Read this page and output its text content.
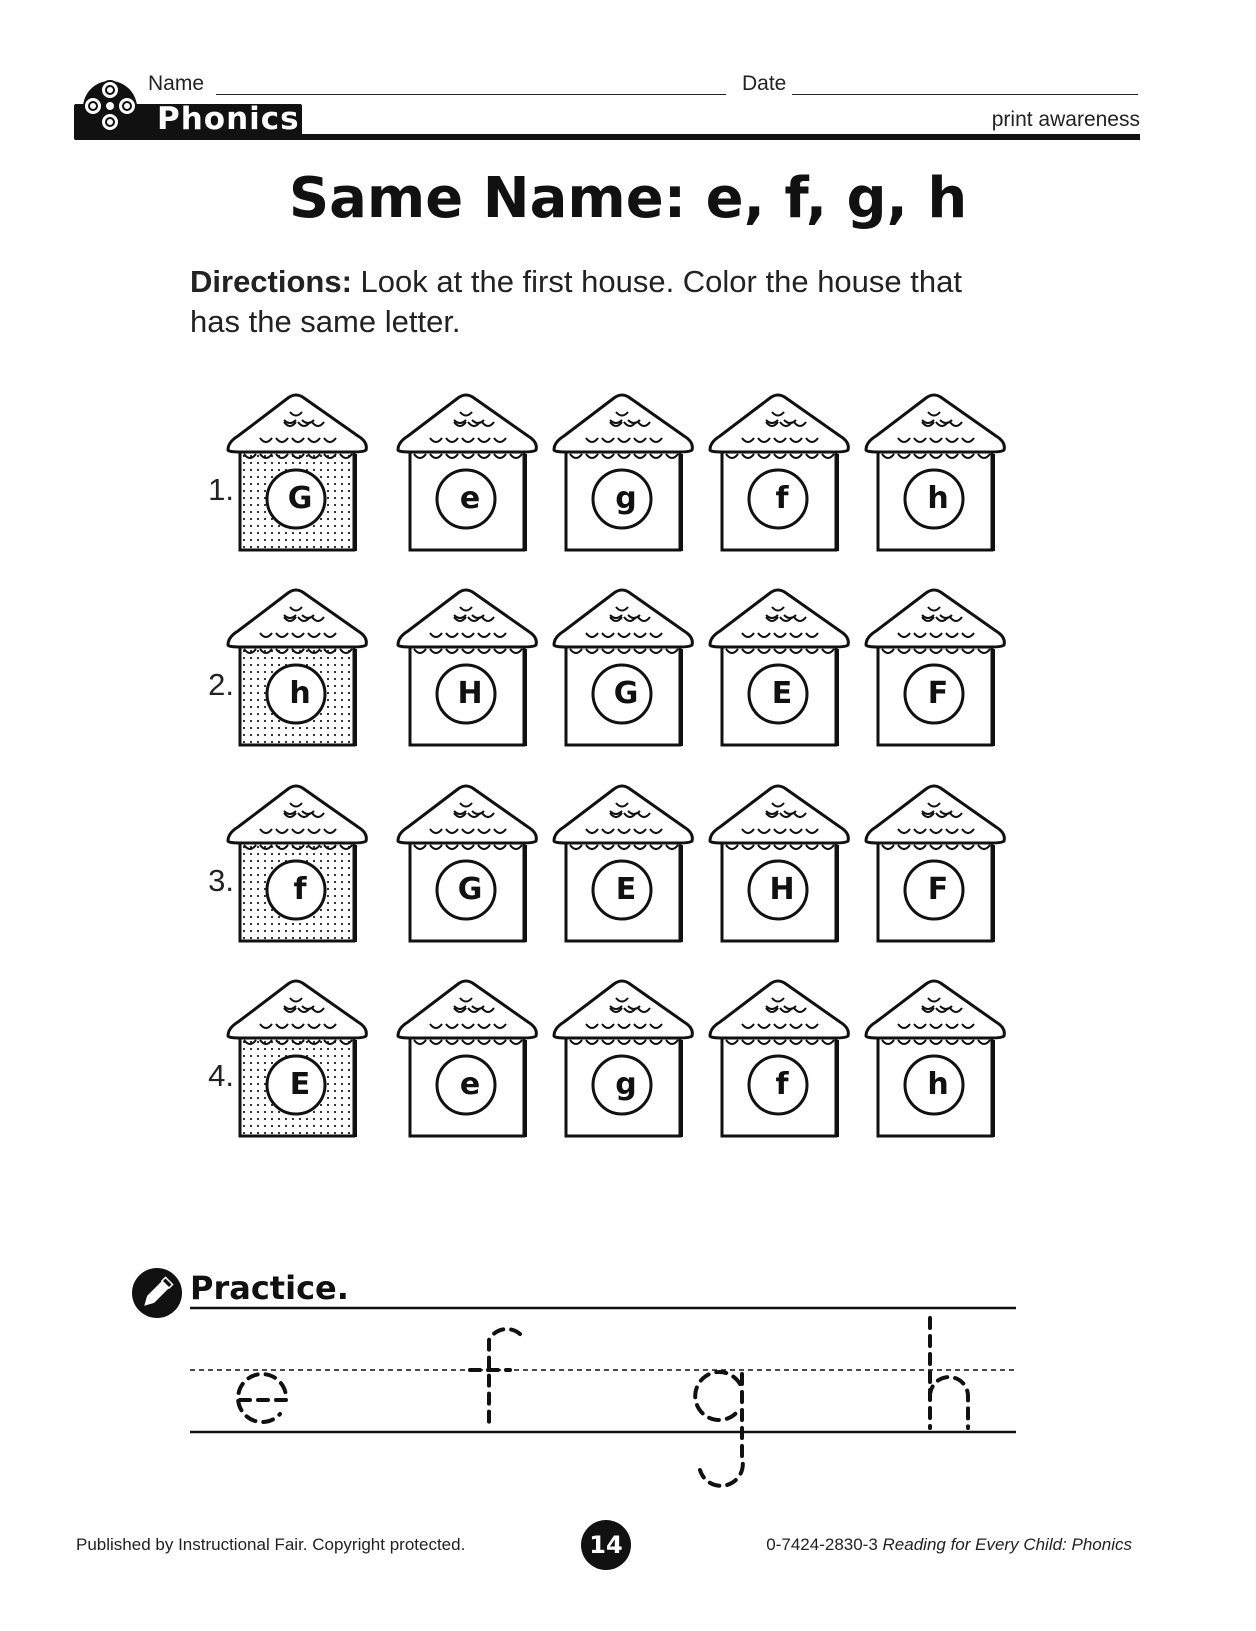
Name	Date
Phonics	print awareness
Same Name: e, f, g, h
Directions: Look at the first house. Color the house that has the same letter.
1.	G	e	g	f	h
2.	h	H	G	E	F
3.	f	G	E	H	F
4.	E	e	g	f	h
Practice.
Published by Instructional Fair. Copyright protected.	14	0-7424-2830-3 Reading for Every Child: Phonics
